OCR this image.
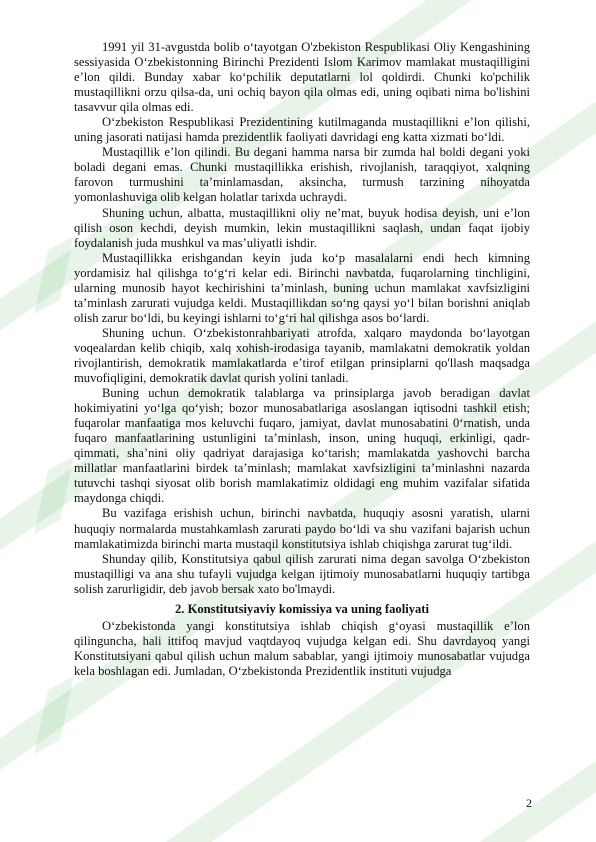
1991 yil 31-avgustda bolib oʻtayotgan O'zbekiston Respublikasi Oliy Kengashining sessiyasida Oʻzbekistonning Birinchi Prezidenti Islom Karimov mamlakat mustaqilligini eʼlon qildi. Bunday xabar koʻpchilik deputatlarni lol qoldirdi. Chunki ko'pchilik mustaqillikni orzu qilsa-da, uni ochiq bayon qila olmas edi, uning oqibati nima bo'lishini tasavvur qila olmas edi.

Oʻzbekiston Respublikasi Prezidentining kutilmaganda mustaqillikni eʼlon qilishi, uning jasorati natijasi hamda prezidentlik faoliyati davridagi eng katta xizmati boʻldi.

Mustaqillik eʼlon qilindi. Bu degani hamma narsa bir zumda hal boldi degani yoki boladi degani emas. Chunki mustaqillikka erishish, rivojlanish, taraqqiyot, xalqning farovon turmushini taʼminlamasdan, aksincha, turmush tarzining nihoyatda yomonlashuviga olib kelgan holatlar tarixda uchraydi.

Shuning uchun, albatta, mustaqillikni oliy neʼmat, buyuk hodisa deyish, uni eʼlon qilish oson kechdi, deyish mumkin, lekin mustaqillikni saqlash, undan faqat ijobiy foydalanish juda mushkul va masʼuliyatli ishdir.

Mustaqillikka erishgandan keyin juda koʻp masalalarni endi hech kimning yordamisiz hal qilishga toʻgʻri kelar edi. Birinchi navbatda, fuqarolarning tinchligini, ularning munosib hayot kechirishini taʼminlash, buning uchun mamlakat xavfsizligini taʼminlash zarurati vujudga keldi. Mustaqillikdan soʻng qaysi yoʻl bilan borishni aniqlab olish zarur boʻldi, bu keyingi ishlarni toʻgʻri hal qilishga asos boʻlardi.

Shuning uchun. Oʻzbekistonrahbariyati atrofda, xalqaro maydonda boʻlayotgan voqealardan kelib chiqib, xalq xohish-irodasiga tayanib, mamlakatni demokratik yoldan rivojlantirish, demokratik mamlakatlarda eʼtirof etilgan prinsiplarni qo'llash maqsadga muvofiqligini, demokratik davlat qurish yolini tanladi.

Buning uchun demokratik talablarga va prinsiplarga javob beradigan davlat hokimiyatini yoʻlga qoʻyish; bozor munosabatlariga asoslangan iqtisodni tashkil etish; fuqarolar manfaatiga mos keluvchi fuqaro, jamiyat, davlat munosabatini 0ʻrnatish, unda fuqaro manfaatlarining ustunligini taʼminlash, inson, uning huquqi, erkinligi, qadr-qimmati, shaʼnini oliy qadriyat darajasiga koʻtarish; mamlakatda yashovchi barcha millatlar manfaatlarini birdek taʼminlash; mamlakat xavfsizligini taʼminlashni nazarda tutuvchi tashqi siyosat olib borish mamlakatimiz oldidagi eng muhim vazifalar sifatida maydonga chiqdi.

Bu vazifaga erishish uchun, birinchi navbatda, huquqiy asosni yaratish, ularni huquqiy normalarda mustahkamlash zarurati paydo boʻldi va shu vazifani bajarish uchun mamlakatimizda birinchi marta mustaqil konstitutsiya ishlab chiqishga zarurat tugʻildi.

Shunday qilib, Konstitutsiya qabul qilish zarurati nima degan savolga Oʻzbekiston mustaqilligi va ana shu tufayli vujudga kelgan ijtimoiy munosabatlarni huquqiy tartibga solish zarurligidir, deb javob bersak xato bo'lmaydi.

2. Konstitutsiyaviy komissiya va uning faoliyati

Oʻzbekistonda yangi konstitutsiya ishlab chiqish gʻoyasi mustaqillik eʼlon qilinguncha, hali ittifoq mavjud vaqtdayoq vujudga kelgan edi. Shu davrdayoq yangi Konstitutsiyani qabul qilish uchun malum sabablar, yangi ijtimoiy munosabatlar vujudga kela boshlagan edi. Jumladan, Oʻzbekistonda Prezidentlik instituti vujudga

2
